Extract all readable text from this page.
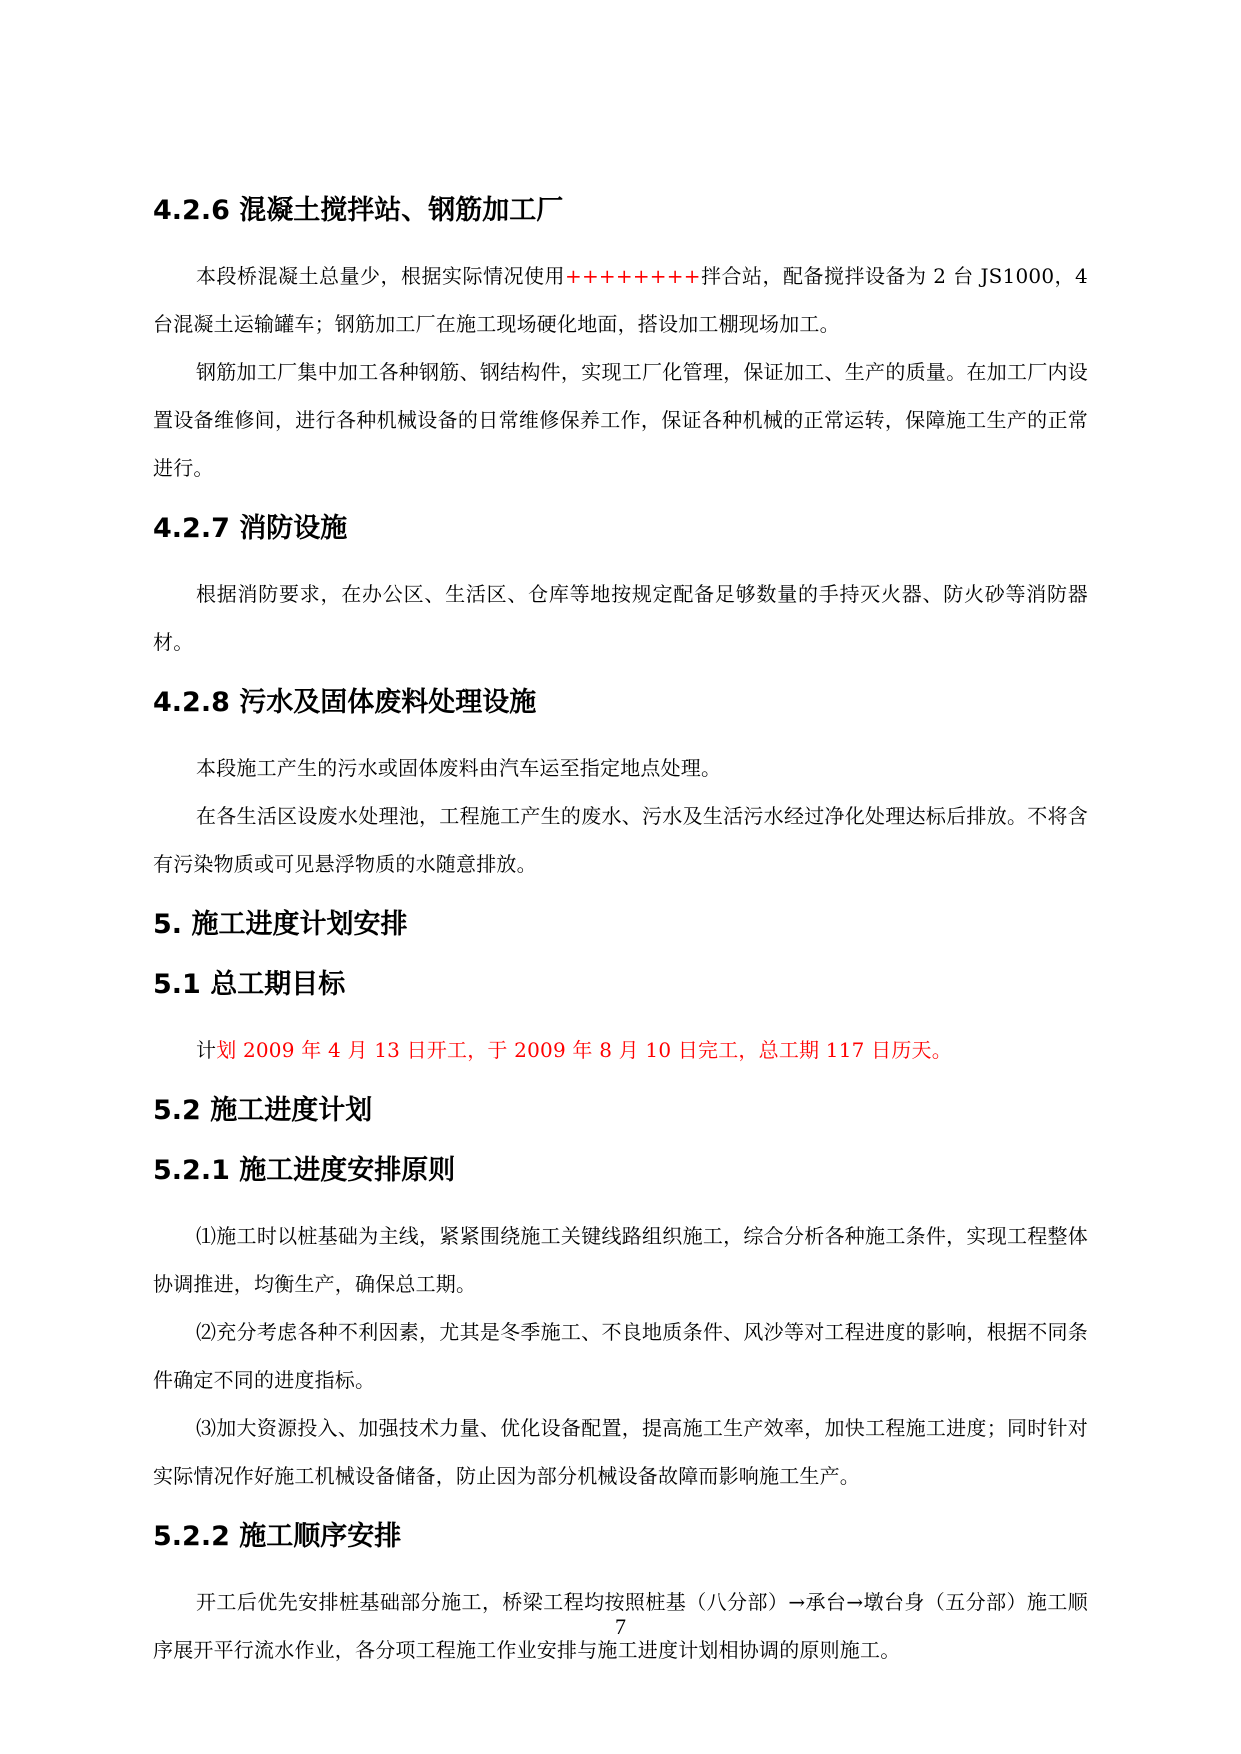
4.2.6 混凝土搅拌站、钢筋加工厂

本段桥混凝土总量少，根据实际情况使用++++++++拌合站，配备搅拌设备为 2 台 JS1000，4 台混凝土运输罐车；钢筋加工厂在施工现场硬化地面，搭设加工棚现场加工。

钢筋加工厂集中加工各种钢筋、钢结构件，实现工厂化管理，保证加工、生产的质量。在加工厂内设置设备维修间，进行各种机械设备的日常维修保养工作，保证各种机械的正常运转，保障施工生产的正常进行。

4.2.7 消防设施

根据消防要求，在办公区、生活区、仓库等地按规定配备足够数量的手持灭火器、防火砂等消防器材。

4.2.8 污水及固体废料处理设施

本段施工产生的污水或固体废料由汽车运至指定地点处理。

在各生活区设废水处理池，工程施工产生的废水、污水及生活污水经过净化处理达标后排放。不将含有污染物质或可见悬浮物质的水随意排放。

5. 施工进度计划安排
5.1 总工期目标

计划 2009 年 4 月 13 日开工，于 2009 年 8 月 10 日完工，总工期 117 日历天。

5.2 施工进度计划
5.2.1 施工进度安排原则

⑴施工时以桩基础为主线，紧紧围绕施工关键线路组织施工，综合分析各种施工条件，实现工程整体协调推进，均衡生产，确保总工期。

⑵充分考虑各种不利因素，尤其是冬季施工、不良地质条件、风沙等对工程进度的影响，根据不同条件确定不同的进度指标。

⑶加大资源投入、加强技术力量、优化设备配置，提高施工生产效率，加快工程施工进度；同时针对实际情况作好施工机械设备储备，防止因为部分机械设备故障而影响施工生产。

5.2.2 施工顺序安排

开工后优先安排桩基础部分施工，桥梁工程均按照桩基（八分部）→承台→墩台身（五分部）施工顺序展开平行流水作业，各分项工程施工作业安排与施工进度计划相协调的原则施工。

7
